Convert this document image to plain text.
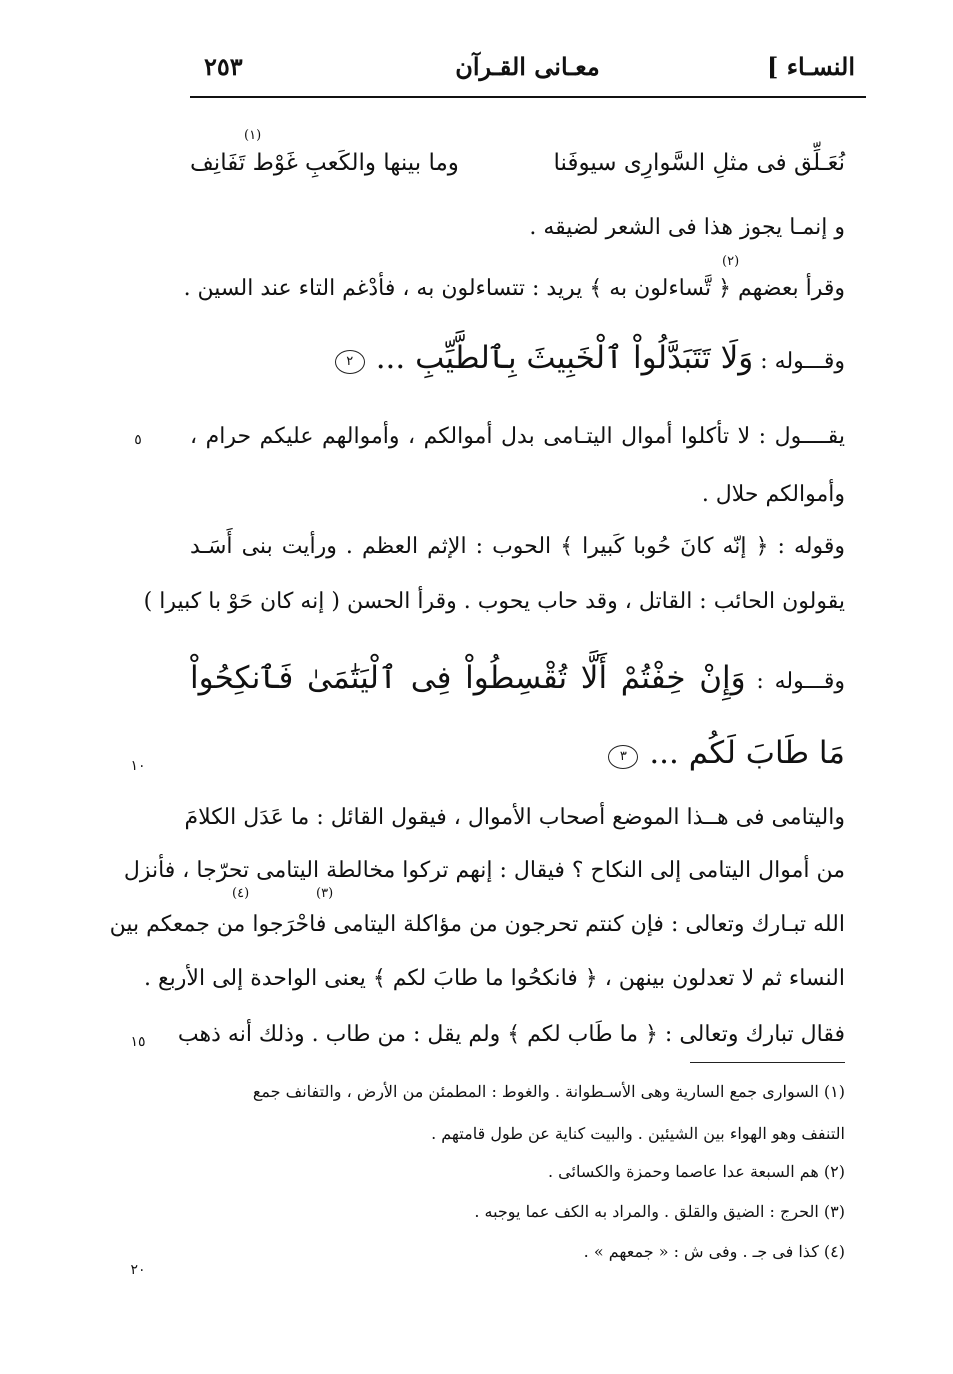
النسـاء ]
معـانى القـرآن
٢٥٣
نُعَـلِّق فى مثلِ السَّوارِى سيوفَنا
وما بينها والكَعبِ غَوْط تَفَانِف
(١)
و إنمـا يجوز هذا فى الشعر لضيقه .
(٢)
وقرأ بعضهم ﴿ تَّساءلون به ﴾ يريد : تتساءلون به ، فأدْغم التاء عند السين .
وقـــوله : وَلَا تَتَبَدَّلُواْ ٱلْخَبِيثَ بِٱلطَّيِّبِ ... ٢
يقــــول : لا تأكلوا أموال اليتـامى بدل أموالكم ، وأموالهم عليكم حرام ،
وأموالكم حلال .
وقوله : ﴿ إنّه كانَ حُوبا كَبيرا ﴾ الحوب : الإثم العظم . ورأيت بنى أَسَـد
يقولون الحائب : القاتل ، وقد حاب يحوب . وقرأ الحسن ( إنه كان حَوْ با كبيرا )
وقـــوله : وَإِنْ خِفْتُمْ أَلَّا تُقْسِطُواْ فِى ٱلْيَتَٰمَىٰ فَٱنكِحُواْ
مَا طَابَ لَكُم ... ٣
واليتامى فى هــذا الموضع أصحاب الأموال ، فيقول القائل : ما عَدَل الكلامَ
من أموال اليتامى إلى النكاح ؟ فيقال : إنهم تركوا مخالطة اليتامى تحرّجا ، فأنزل
(٣)
(٤)
الله تبـارك وتعالى : فإن كنتم تحرجون من مؤاكلة اليتامى فاحْرَجوا من جمعكم بين
النساء ثم لا تعدلون بينهن ، ﴿ فانكحُوا ما طابَ لكم ﴾ يعنى الواحدة إلى الأربع .
فقال تبارك وتعالى : ﴿ ما طَاب لكم ﴾ ولم يقل : من طاب . وذلك أنه ذهب
٥
١٠
١٥
٢٠
(١) السوارى جمع السارية وهى الأسـطوانة . والغوط : المطمئن من الأرض ، والتفانف جمع
التنفف وهو الهواء بين الشيئين . والبيت كناية عن طول قامتهم .
(٢) هم السبعة عدا عاصما وحمزة والكسائى .
(٣) الحرج : الضيق والقلق . والمراد به الكف عما يوجبه .
(٤) كذا فى جـ . وفى ش : « جمعهم » .
